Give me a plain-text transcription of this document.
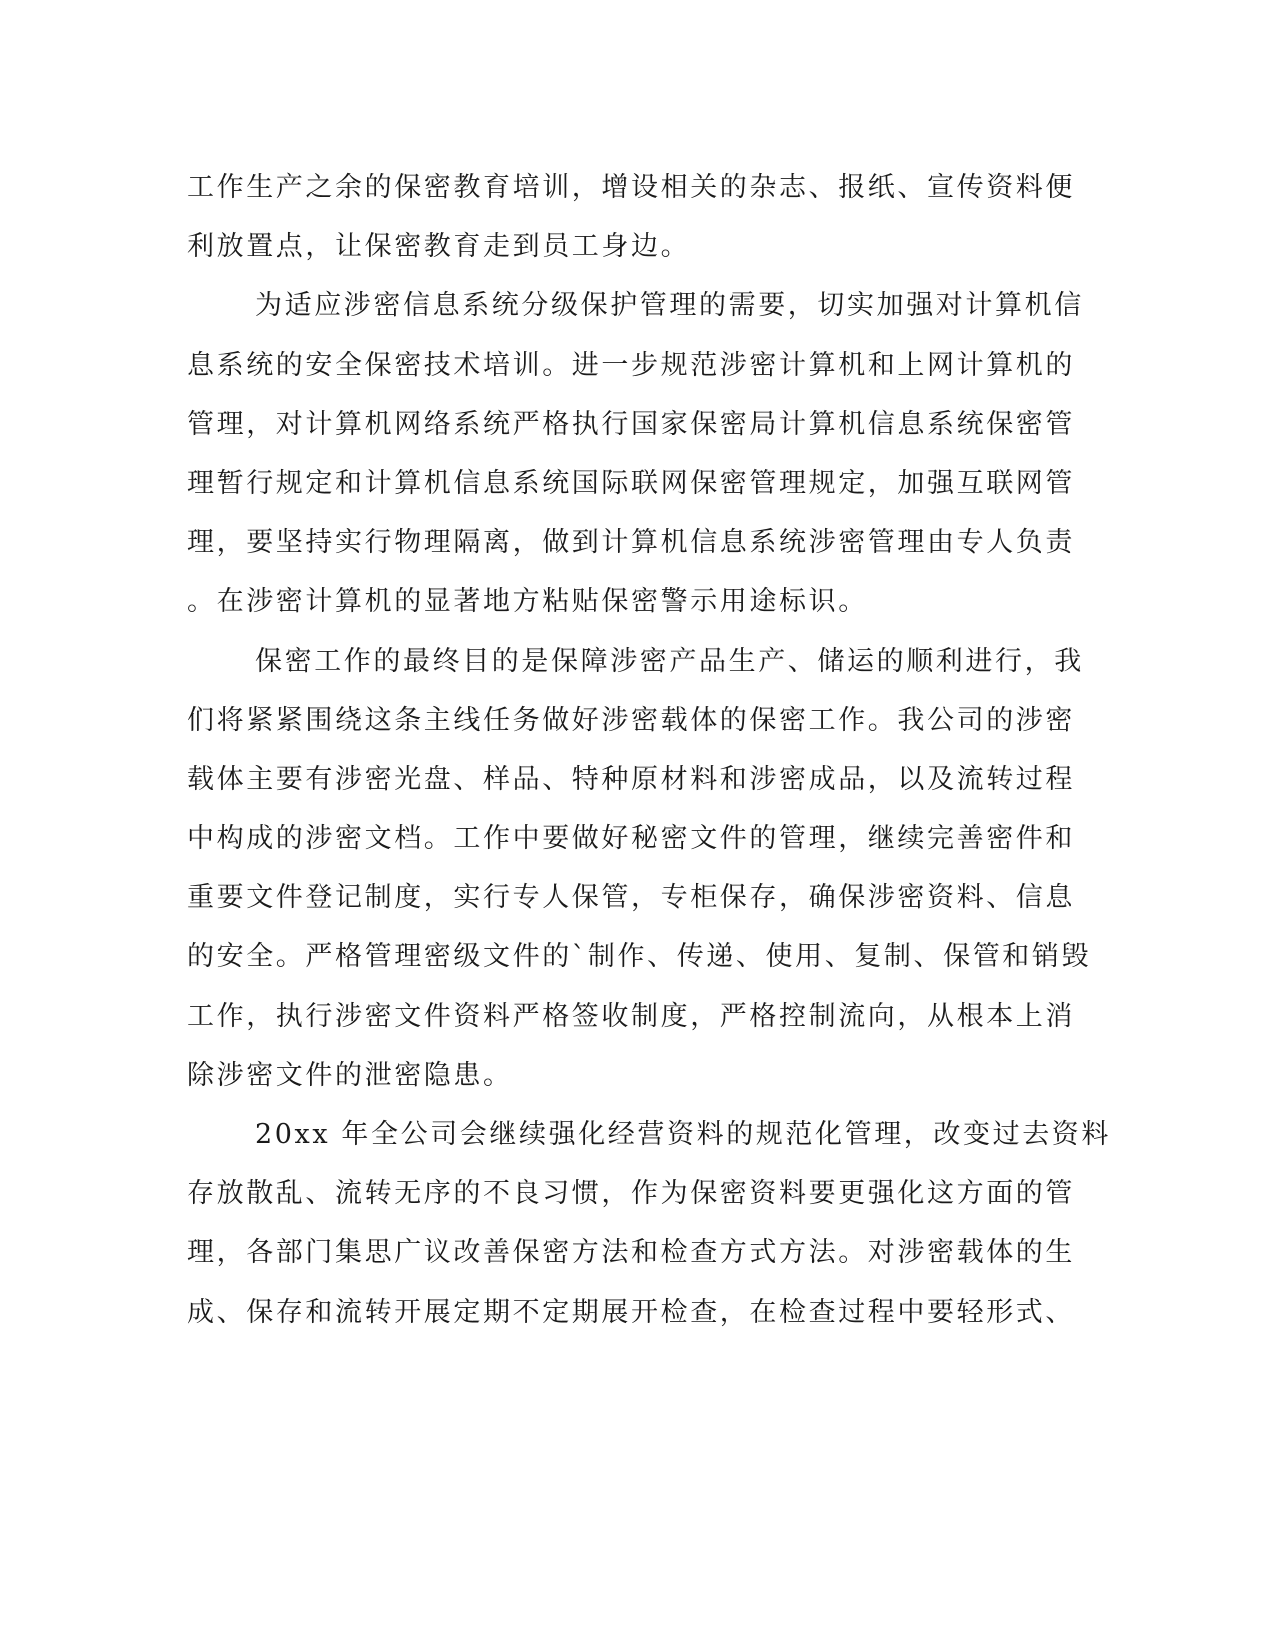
工作生产之余的保密教育培训，增设相关的杂志、报纸、宣传资料便
利放置点，让保密教育走到员工身边。
为适应涉密信息系统分级保护管理的需要，切实加强对计算机信
息系统的安全保密技术培训。进一步规范涉密计算机和上网计算机的
管理，对计算机网络系统严格执行国家保密局计算机信息系统保密管
理暂行规定和计算机信息系统国际联网保密管理规定，加强互联网管
理，要坚持实行物理隔离，做到计算机信息系统涉密管理由专人负责
。在涉密计算机的显著地方粘贴保密警示用途标识。
保密工作的最终目的是保障涉密产品生产、储运的顺利进行，我
们将紧紧围绕这条主线任务做好涉密载体的保密工作。我公司的涉密
载体主要有涉密光盘、样品、特种原材料和涉密成品，以及流转过程
中构成的涉密文档。工作中要做好秘密文件的管理，继续完善密件和
重要文件登记制度，实行专人保管，专柜保存，确保涉密资料、信息
的安全。严格管理密级文件的`制作、传递、使用、复制、保管和销毁
工作，执行涉密文件资料严格签收制度，严格控制流向，从根本上消
除涉密文件的泄密隐患。
20xx 年全公司会继续强化经营资料的规范化管理，改变过去资料
存放散乱、流转无序的不良习惯，作为保密资料要更强化这方面的管
理，各部门集思广议改善保密方法和检查方式方法。对涉密载体的生
成、保存和流转开展定期不定期展开检查，在检查过程中要轻形式、
